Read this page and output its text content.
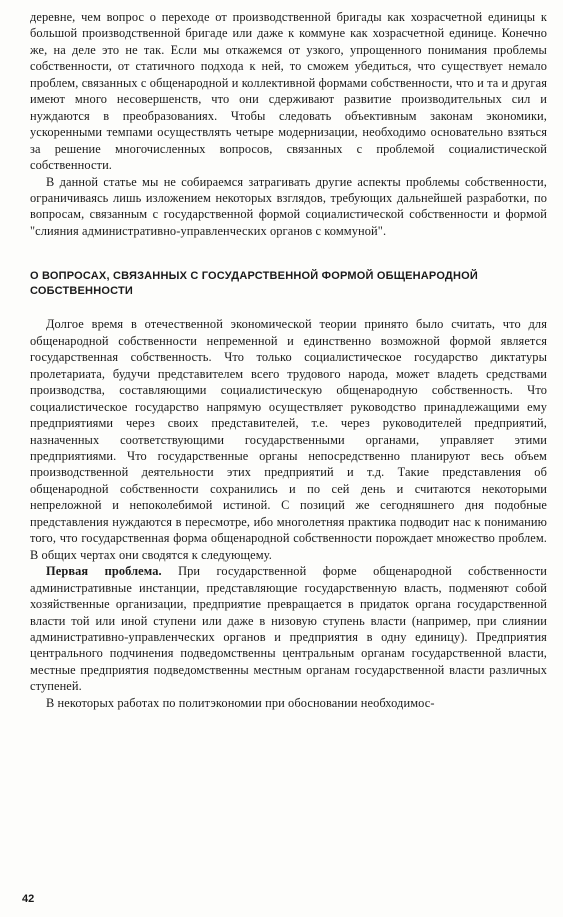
деревне, чем вопрос о переходе от производственной бригады как хозрасчетной единицы к большой производственной бригаде или даже к коммуне как хозрасчетной единице. Конечно же, на деле это не так. Если мы откажемся от узкого, упрощенного понимания проблемы собственности, от статичного подхода к ней, то сможем убедиться, что существует немало проблем, связанных с общенародной и коллективной формами собственности, что и та и другая имеют много несовершенств, что они сдерживают развитие производительных сил и нуждаются в преобразованиях. Чтобы следовать объективным законам экономики, ускоренными темпами осуществлять четыре модернизации, необходимо основательно взяться за решение многочисленных вопросов, связанных с проблемой социалистической собственности.

В данной статье мы не собираемся затрагивать другие аспекты проблемы собственности, ограничиваясь лишь изложением некоторых взглядов, требующих дальнейшей разработки, по вопросам, связанным с государственной формой социалистической собственности и формой "слияния административно-управленческих органов с коммуной".

О ВОПРОСАХ, СВЯЗАННЫХ С ГОСУДАРСТВЕННОЙ ФОРМОЙ ОБЩЕНАРОДНОЙ СОБСТВЕННОСТИ

Долгое время в отечественной экономической теории принято было считать, что для общенародной собственности непременной и единственно возможной формой является государственная собственность. Что только социалистическое государство диктатуры пролетариата, будучи представителем всего трудового народа, может владеть средствами производства, составляющими социалистическую общенародную собственность. Что социалистическое государство напрямую осуществляет руководство принадлежащими ему предприятиями через своих представителей, т.е. через руководителей предприятий, назначенных соответствующими государственными органами, управляет этими предприятиями. Что государственные органы непосредственно планируют весь объем производственной деятельности этих предприятий и т.д. Такие представления об общенародной собственности сохранились и по сей день и считаются некоторыми непреложной и непоколебимой истиной. С позиций же сегодняшнего дня подобные представления нуждаются в пересмотре, ибо многолетняя практика подводит нас к пониманию того, что государственная форма общенародной собственности порождает множество проблем. В общих чертах они сводятся к следующему.

Первая проблема. При государственной форме общенародной собственности административные инстанции, представляющие государственную власть, подменяют собой хозяйственные организации, предприятие превращается в придаток органа государственной власти той или иной ступени или даже в низовую ступень власти (например, при слиянии административно-управленческих органов и предприятия в одну единицу). Предприятия центрального подчинения подведомственны центральным органам государственной власти, местные предприятия подведомственны местным органам государственной власти различных ступеней.

В некоторых работах по политэкономии при обосновании необходимос-

42
